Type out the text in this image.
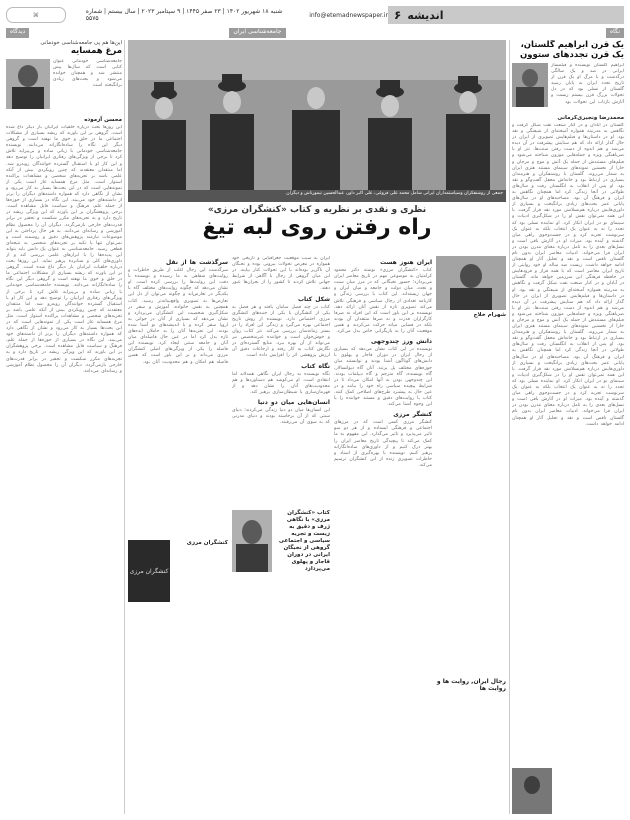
⌘	شنبه ۱۸ شهریور ۱۴۰۲ | ۲۳ صفر ۱۴۴۵ | ۹ سپتامبر ۲۰۲۳ | سال بیستم | شماره ۵۵۷۵	info@etemadnewspaper.ir اندیشه
۶
نگاه
جامعه‌شناسی ایران
دیدگاه
یک قرن ابراهیم گلستان، یک قرن تجدد‌های ستوون
ابراهیم گلستان نویسنده و فیلمساز ایرانی در صد و یک سالگی درگذشت و با مرگ او یک قرن از تاریخ تجدد ایران به پایان رسید گلستان از نسلی بود که در دل تحولات بزرگ قرن بیستم زیست و آثارش بازتاب این تحولات بود
محمدرضا ونجیری‌کرمانی
گلستان در آبادان و در کنار صنعت نفت شکل گرفت و نگاهش به مدرنیته همواره آمیخته‌ای از شیفتگی و نقد بود. او در داستان‌ها و فیلم‌هایش تصویری از ایران در حال گذار ارائه داد که هم ستایش پیشرفت در آن دیده می‌شد و هم اندوه از دست رفتن سنت‌ها. نثر او با ضرباهنگی ویژه و جمله‌هایی موزون شناخته می‌شود و فیلم‌های مستندش از جمله یک آتش و موج و مرجان و خارا از نخستین نمونه‌های سینمای مستند هنری ایران به شمار می‌روند. گلستان با روشنفکران و هنرمندان بسیاری در ارتباط بود و خانه‌اش محفل گفت‌وگو و نقد بود. او پس از انقلاب به انگلستان رفت و سال‌های طولانی در آنجا زندگی کرد اما همچنان نگاهش به ایران و فرهنگ آن بود. مصاحبه‌های او در سال‌های پایانی عمر بحث‌های زیادی برانگیخت و بسیاری از داوری‌هایش درباره هم‌نسلانش مورد نقد قرار گرفت. با این همه نمی‌توان نقش او را در شکل‌گیری ادبیات و سینمای نو در ایران انکار کرد. او نماینده نسلی بود که تجدد را نه به عنوان یک انتخاب بلکه به عنوان یک سرنوشت تجربه کرد و در جست‌وجوی راهی میان گذشته و آینده بود. میراث او در آثارش باقی است و نسل‌های بعدی را به تامل درباره معنای مدرن بودن در ایران فرا می‌خواند. ادبیات معاصر ایران بدون نام گلستان ناقص است و نقد و تحلیل آثار او همچنان ادامه خواهد داشت. زیست صد ساله او خود روایتی از تاریخ ایران معاصر است که با همه فراز و فرودهایش در حافظه فرهنگی این سرزمین خواهد ماند. گلستان در آبادان و در کنار صنعت نفت شکل گرفت و نگاهش به مدرنیته همواره آمیخته‌ای از شیفتگی و نقد بود. او در داستان‌ها و فیلم‌هایش تصویری از ایران در حال گذار ارائه داد که هم ستایش پیشرفت در آن دیده می‌شد و هم اندوه از دست رفتن سنت‌ها. نثر او با ضرباهنگی ویژه و جمله‌هایی موزون شناخته می‌شود و فیلم‌های مستندش از جمله یک آتش و موج و مرجان و خارا از نخستین نمونه‌های سینمای مستند هنری ایران به شمار می‌روند. گلستان با روشنفکران و هنرمندان بسیاری در ارتباط بود و خانه‌اش محفل گفت‌وگو و نقد بود. او پس از انقلاب به انگلستان رفت و سال‌های طولانی در آنجا زندگی کرد اما همچنان نگاهش به ایران و فرهنگ آن بود. مصاحبه‌های او در سال‌های پایانی عمر بحث‌های زیادی برانگیخت و بسیاری از داوری‌هایش درباره هم‌نسلانش مورد نقد قرار گرفت. با این همه نمی‌توان نقش او را در شکل‌گیری ادبیات و سینمای نو در ایران انکار کرد. او نماینده نسلی بود که تجدد را نه به عنوان یک انتخاب بلکه به عنوان یک سرنوشت تجربه کرد و در جست‌وجوی راهی میان گذشته و آینده بود. میراث او در آثارش باقی است و نسل‌های بعدی را به تامل درباره معنای مدرن بودن در ایران فرا می‌خواند. ادبیات معاصر ایران بدون نام گلستان ناقص است و نقد و تحلیل آثار او همچنان ادامه خواهد داشت.
جمعی از روشنفکران وسیاستمداران ایرانی شامل محمد علی فروغی، علی اکبر داور، عبدالحسین تیمورتاش و دیگران
نظری و نقدی بر نظریه و کتاب «کنشگران مرزی»
راه رفتن روی لبه تیغ
شهرام خلاج
ایران هنوز هست
کتاب «کنشگران مرزی» نوشته دکتر محمود کرامتیان به موضوعی مهم در تاریخ معاصر ایران می‌پردازد؛ حضور نخبگانی که در مرز میان سنت و تجدد، میان دولت و جامعه و میان ایران و جهان زیسته‌اند. این کتاب با بررسی زندگی و کارنامه تعدادی از رجال سیاسی و فرهنگی تلاش می‌کند تصویری تازه از نقش آنان ارائه دهد. نویسنده بر این باور است که این افراد نه صرفا کارگزاران قدرت و نه صرفا منتقدان آن بودند بلکه در فضایی میانه حرکت می‌کردند و همین موقعیت آنان را به بازیگرانی خاص بدل می‌کرد.
دانش ورز چندوجهی
نویسنده در این کتاب نشان می‌دهد که بسیاری از رجال ایران در دوران قاجار و پهلوی با دانش‌های گوناگون آشنا بودند و توانستند میان حوزه‌های مختلف پل بزنند. آنان گاه دیوانسالار، گاه نویسنده، گاه مترجم و گاه دیپلمات بودند. این چندوجهی بودن به آنها امکان می‌داد تا در شرایط پیچیده سیاسی راه خود را بیابند و در عین حال به پیشبرد طرح‌های اصلاحی کمک کنند. کتاب با روایت‌های دقیق و مستند خواننده را با این وجوه آشنا می‌کند.
کنشگر مرزی
کنشگر مرزی کسی است که در مرزهای اجتماعی و فرهنگی ایستاده و از هر دو سو تاثیر می‌پذیرد و تاثیر می‌گذارد. این مفهوم به ما کمک می‌کند تا پیچیدگی تاریخ معاصر ایران را بهتر درک کنیم و از داوری‌های ساده‌انگارانه پرهیز کنیم. نویسنده با بهره‌گیری از اسناد و خاطرات تصویری زنده از این کنشگران ترسیم می‌کند.
ایران به سبب موقعیت جغرافیایی و تاریخی خود همواره در معرض تحولات بیرونی بوده و نخبگان آن ناگزیر بوده‌اند با این تحولات کنار بیایند. در این میان گروهی از رجال با آگاهی از شرایط جهانی تلاش کردند تا کشور را از بحران‌ها عبور دهند.
شکل کتاب
کتاب در چند فصل سامان یافته و هر فصل به یکی از کنشگران یا یکی از جنبه‌های کنشگری مرزی اختصاص دارد. نویسنده از روش تاریخ اجتماعی بهره می‌گیرد و زندگی این افراد را در بستر زمانه‌شان بررسی می‌کند. نثر کتاب روان و خوش‌خوان است و خواننده غیرمتخصص نیز می‌تواند از آن بهره ببرد. منابع گسترده‌ای در نگارش کتاب به کار رفته و ارجاعات دقیق آن ارزش پژوهشی اثر را افزایش داده است.
نگاه کتاب
نگاه نویسنده به رجال ایران نگاهی همدلانه اما انتقادی است. او می‌کوشد هم دستاوردها و هم محدودیت‌های آنان را نشان دهد و از قهرمان‌سازی یا شیطان‌سازی پرهیز کند.
انسان‌هایی میان دو دنیا
این انسان‌ها میان دو دنیا زندگی می‌کردند؛ دنیای سنتی که از آن برخاسته بودند و دنیای مدرنی که به سوی آن می‌رفتند.
کتاب «کنشگران مرزی» با نگاهی ژرف و دقیق به زیست و تجربه سیاسی و اجتماعی گروهی از نخبگان ایرانی در دوران قاجار و پهلوی می‌پردازد
سرگذشت ها از نقل
سرگذشت این رجال اغلب از طریق خاطرات و روایت‌های شفاهی به ما رسیده و نویسنده با دقت این روایت‌ها را بررسی کرده است. او نشان می‌دهد که چگونه روایت‌های مختلف گاه با یکدیگر در تعارض‌اند و چگونه می‌توان از دل این تعارض‌ها به تصویری واقع‌بینانه‌تر رسید. کتاب همچنین به نقش خانواده، آموزش و سفر در شکل‌گیری شخصیت این کنشگران می‌پردازد و نشان می‌دهد که بسیاری از آنان در جوانی به اروپا سفر کرده و با اندیشه‌های نو آشنا شده بودند. این تجربه‌ها آنان را به حاملان ایده‌های تازه بدل کرد اما در عین حال فاصله‌ای میان آنان و جامعه سنتی ایجاد کرد. نویسنده این فاصله را یکی از ویژگی‌های اصلی کنشگران مرزی می‌داند و بر این باور است که همین فاصله هم امکان و هم محدودیت آنان بود.
کنشگران مرزی
کنشگران مرزی
رجال ایران, روایت ها و روایت ها
این‌ها هم پی جامعه‌شناسی خودمانی
مرغ همسایه
جامعه‌شناسی خودمانی عنوان کتابی است که سال‌ها پیش منتشر شد و همچنان خوانده می‌شود و بحث‌های زیادی برانگیخته است
محسن آزموده
این روزها بحث درباره خلقیات ایرانیان بار دیگر داغ شده است. گروهی بر این باورند که ریشه بسیاری از مشکلات اجتماعی ما در خلق و خوی ما نهفته است و گروهی دیگر این نگاه را ساده‌انگارانه می‌دانند. نویسنده جامعه‌شناسی خودمانی با زبانی ساده و بی‌پیرایه تلاش کرد تا برخی از ویژگی‌های رفتاری ایرانیان را توضیح دهد و این کار او با استقبال گسترده خوانندگان روبه‌رو شد. اما منتقدان معتقدند که چنین رویکردی بیش از آنکه علمی باشد بر تجربه‌های شخصی و مشاهدات پراکنده استوار است. مثل مرغ همسایه غاز است یکی از نمونه‌هایی است که در این بحث‌ها بسیار به کار می‌رود و نشان از نگاهی دارد که همواره داشته‌های دیگران را برتر از داشته‌های خود می‌بیند. این نگاه در بسیاری از حوزه‌ها از جمله علم، فرهنگ و سیاست قابل مشاهده است. برخی پژوهشگران بر این باورند که این ویژگی ریشه در تاریخ دارد و به تجربه‌های مکرر شکست و تحقیر در برابر قدرت‌های خارجی بازمی‌گردد. دیگران آن را محصول نظام آموزشی و رسانه‌ای می‌دانند. به هر حال پرداختن به این موضوعات نیازمند پژوهش‌های دقیق و روشمند است و نمی‌توان تنها با تکیه بر تجربه‌های شخصی به نتیجه‌ای قطعی رسید. جامعه‌شناسی به عنوان یک دانش باید بتواند این پدیده‌ها را با ابزارهای علمی بررسی کند و از داوری‌های کلی و شتابزده پرهیز نماید. این روزها بحث درباره خلقیات ایرانیان بار دیگر داغ شده است. گروهی بر این باورند که ریشه بسیاری از مشکلات اجتماعی ما در خلق و خوی ما نهفته است و گروهی دیگر این نگاه را ساده‌انگارانه می‌دانند. نویسنده جامعه‌شناسی خودمانی با زبانی ساده و بی‌پیرایه تلاش کرد تا برخی از ویژگی‌های رفتاری ایرانیان را توضیح دهد و این کار او با استقبال گسترده خوانندگان روبه‌رو شد. اما منتقدان معتقدند که چنین رویکردی بیش از آنکه علمی باشد بر تجربه‌های شخصی و مشاهدات پراکنده استوار است. مثل مرغ همسایه غاز است یکی از نمونه‌هایی است که در این بحث‌ها بسیار به کار می‌رود و نشان از نگاهی دارد که همواره داشته‌های دیگران را برتر از داشته‌های خود می‌بیند. این نگاه در بسیاری از حوزه‌ها از جمله علم، فرهنگ و سیاست قابل مشاهده است. برخی پژوهشگران بر این باورند که این ویژگی ریشه در تاریخ دارد و به تجربه‌های مکرر شکست و تحقیر در برابر قدرت‌های خارجی بازمی‌گردد. دیگران آن را محصول نظام آموزشی و رسانه‌ای می‌دانند.
